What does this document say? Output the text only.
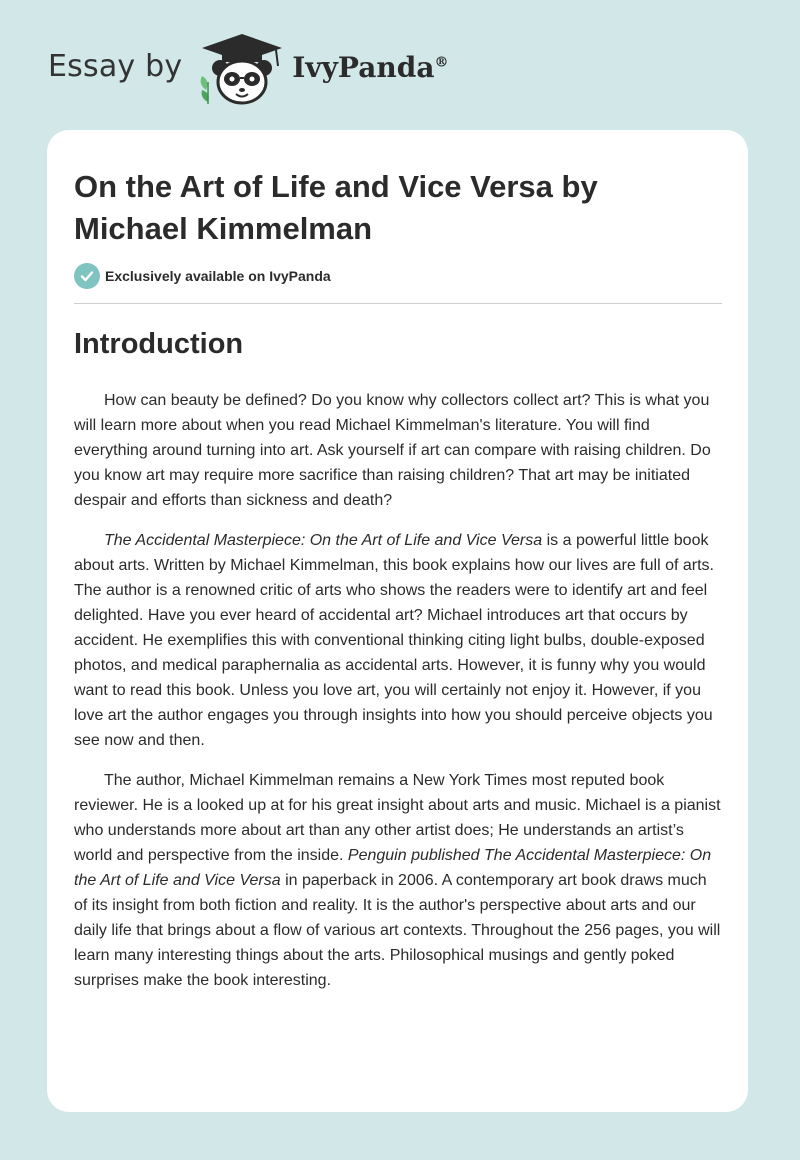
Essay by	IvyPanda®
On the Art of Life and Vice Versa by Michael Kimmelman
Exclusively available on IvyPanda
Introduction

How can beauty be defined? Do you know why collectors collect art? This is what you will learn more about when you read Michael Kimmelman's literature. You will find everything around turning into art. Ask yourself if art can compare with raising children. Do you know art may require more sacrifice than raising children? That art may be initiated despair and efforts than sickness and death?

The Accidental Masterpiece: On the Art of Life and Vice Versa is a powerful little book about arts. Written by Michael Kimmelman, this book explains how our lives are full of arts. The author is a renowned critic of arts who shows the readers were to identify art and feel delighted. Have you ever heard of accidental art? Michael introduces art that occurs by accident. He exemplifies this with conventional thinking citing light bulbs, double-exposed photos, and medical paraphernalia as accidental arts. However, it is funny why you would want to read this book. Unless you love art, you will certainly not enjoy it. However, if you love art the author engages you through insights into how you should perceive objects you see now and then.

The author, Michael Kimmelman remains a New York Times most reputed book reviewer. He is a looked up at for his great insight about arts and music. Michael is a pianist who understands more about art than any other artist does; He understands an artist’s world and perspective from the inside. Penguin published The Accidental Masterpiece: On the Art of Life and Vice Versa in paperback in 2006. A contemporary art book draws much of its insight from both fiction and reality. It is the author's perspective about arts and our daily life that brings about a flow of various art contexts. Throughout the 256 pages, you will learn many interesting things about the arts. Philosophical musings and gently poked surprises make the book interesting.
